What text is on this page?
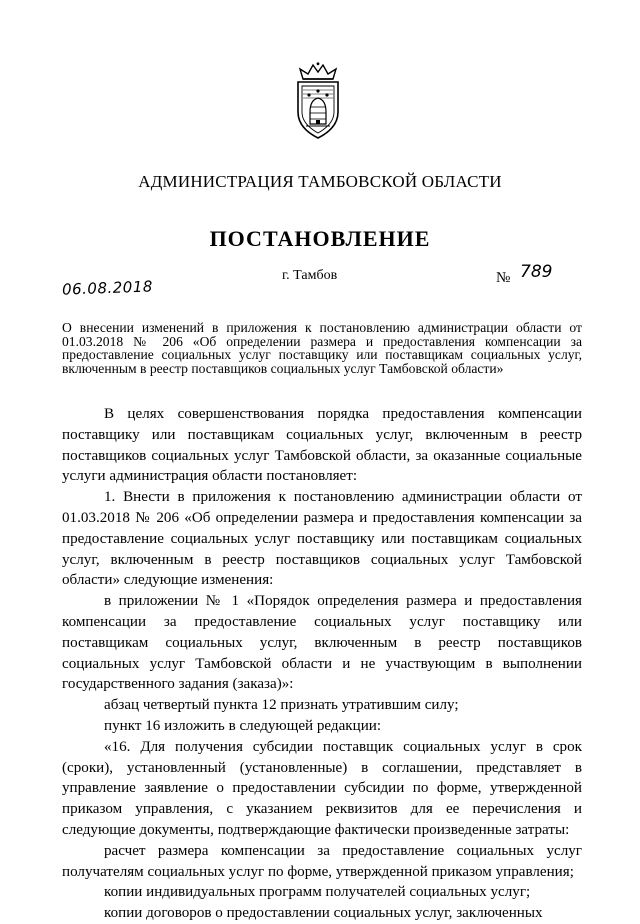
АДМИНИСТРАЦИЯ ТАМБОВСКОЙ ОБЛАСТИ
ПОСТАНОВЛЕНИЕ
06.08.2018
г. Тамбов	№ 789
О внесении изменений в приложения к постановлению администрации области от 01.03.2018 № 206 «Об определении размера и предоставления компенсации за предоставление социальных услуг поставщику или поставщикам социальных услуг, включенным в реестр поставщиков социальных услуг Тамбовской области»

В целях совершенствования порядка предоставления компенсации поставщику или поставщикам социальных услуг, включенным в реестр поставщиков социальных услуг Тамбовской области, за оказанные социальные услуги администрация области постановляет:

1. Внести в приложения к постановлению администрации области от 01.03.2018 № 206 «Об определении размера и предоставления компенсации за предоставление социальных услуг поставщику или поставщикам социальных услуг, включенным в реестр поставщиков социальных услуг Тамбовской области» следующие изменения:

в приложении № 1 «Порядок определения размера и предоставления компенсации за предоставление социальных услуг поставщику или поставщикам социальных услуг, включенным в реестр поставщиков социальных услуг Тамбовской области и не участвующим в выполнении государственного задания (заказа)»:

абзац четвертый пункта 12 признать утратившим силу;

пункт 16 изложить в следующей редакции:

«16. Для получения субсидии поставщик социальных услуг в срок (сроки), установленный (установленные) в соглашении, представляет в управление заявление о предоставлении субсидии по форме, утвержденной приказом управления, с указанием реквизитов для ее перечисления и следующие документы, подтверждающие фактически произведенные затраты:

расчет размера компенсации за предоставление социальных услуг получателям социальных услуг по форме, утвержденной приказом управления;

копии индивидуальных программ получателей социальных услуг;

копии договоров о предоставлении социальных услуг, заключенных
